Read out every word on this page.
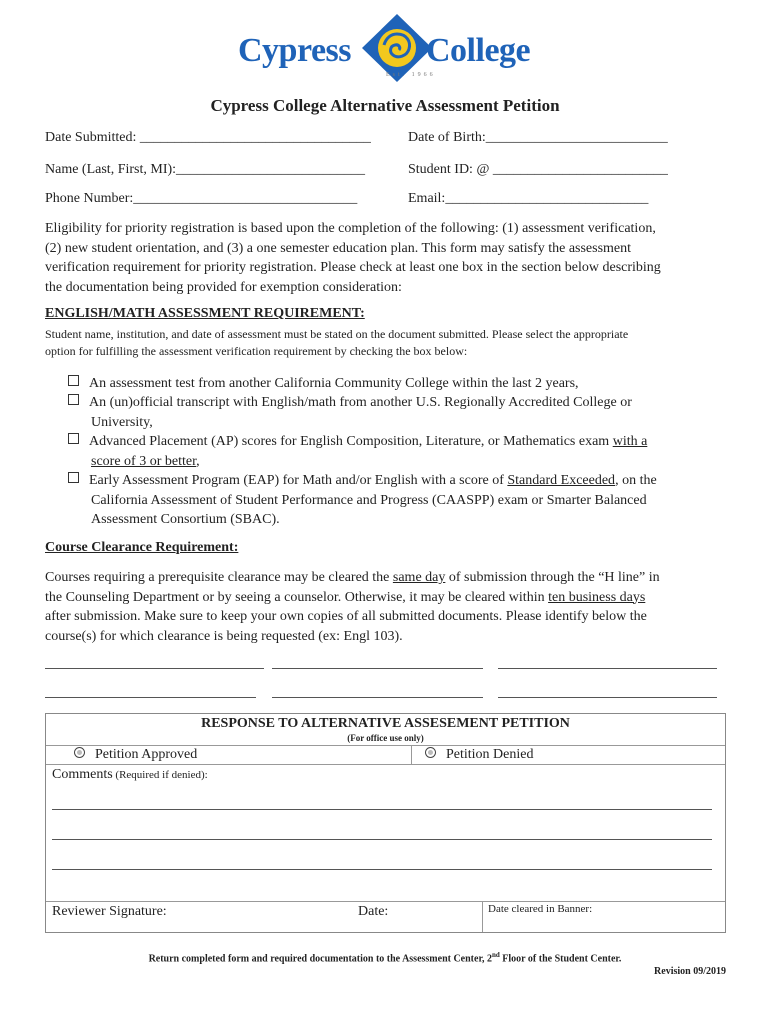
Cypress College
Est. 1966
Cypress College Alternative Assessment Petition
Date Submitted: _________________________________	Date of Birth:__________________________
Name (Last, First, MI):___________________________	Student ID: @ _________________________
Phone Number:________________________________	Email:_____________________________
Eligibility for priority registration is based upon the completion of the following: (1) assessment verification,
(2) new student orientation, and (3) a one semester education plan. This form may satisfy the assessment
verification requirement for priority registration. Please check at least one box in the section below describing
the documentation being provided for exemption consideration:
ENGLISH/MATH ASSESSMENT REQUIREMENT:
Student name, institution, and date of assessment must be stated on the document submitted. Please select the appropriate
option for fulfilling the assessment verification requirement by checking the box below:
An assessment test from another California Community College within the last 2 years,
An (un)official transcript with English/math from another U.S. Regionally Accredited College or
University,
Advanced Placement (AP) scores for English Composition, Literature, or Mathematics exam with a
score of 3 or better,
Early Assessment Program (EAP) for Math and/or English with a score of Standard Exceeded, on the
California Assessment of Student Performance and Progress (CAASPP) exam or Smarter Balanced
Assessment Consortium (SBAC).
Course Clearance Requirement:
Courses requiring a prerequisite clearance may be cleared the same day of submission through the “H line” in
the Counseling Department or by seeing a counselor. Otherwise, it may be cleared within ten business days
after submission. Make sure to keep your own copies of all submitted documents. Please identify below the
course(s) for which clearance is being requested (ex: Engl 103).
RESPONSE TO ALTERNATIVE ASSESEMENT PETITION
(For office use only)
Petition Approved	Petition Denied
Comments (Required if denied):
Reviewer Signature:	Date:	Date cleared in Banner:
Return completed form and required documentation to the Assessment Center, 2nd Floor of the Student Center.
Revision 09/2019
